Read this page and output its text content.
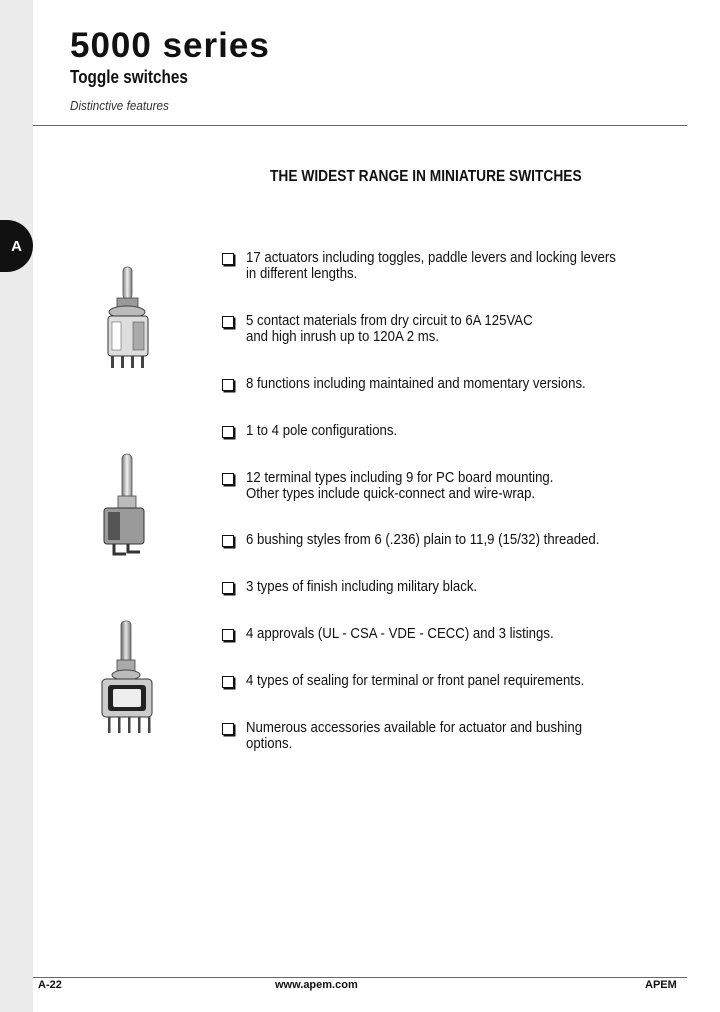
A
5000 series
Toggle switches

Distinctive features

THE WIDEST RANGE IN MINIATURE SWITCHES
17 actuators including toggles, paddle levers and locking levers
in different lengths.
5 contact materials from dry circuit to 6A 125VAC
and high inrush up to 120A 2 ms.
8 functions including maintained and momentary versions.
1 to 4 pole configurations.
12 terminal types including 9 for PC board mounting.
Other types include quick-connect and wire-wrap.
6 bushing styles from 6 (.236) plain to 11,9 (15/32) threaded.
3 types of finish including military black.
4 approvals (UL - CSA - VDE - CECC) and 3 listings.
4 types of sealing for terminal or front panel requirements.
Numerous accessories available for actuator and bushing
options.
A-22	www.apem.com	APEM
